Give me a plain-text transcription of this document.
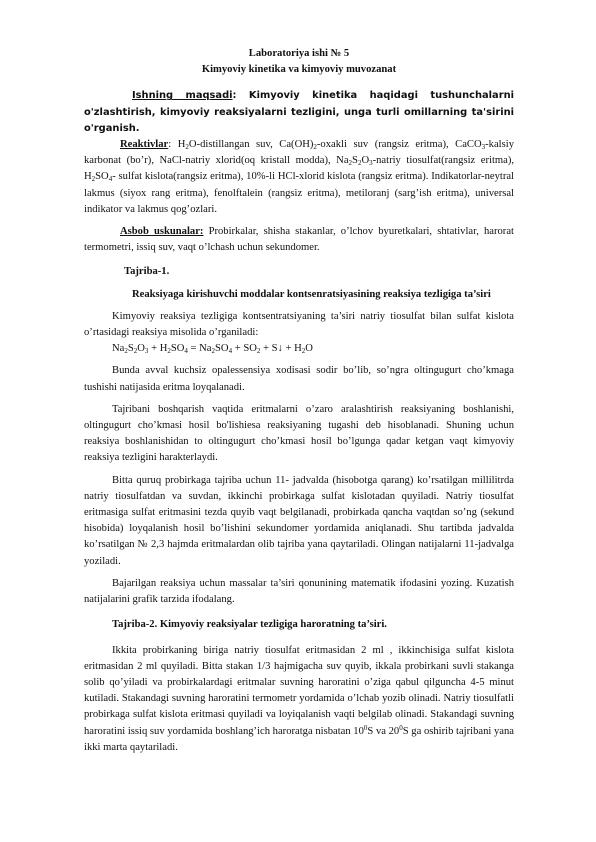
Laboratoriya ishi № 5

Kimyoviy kinetika va kimyoviy muvozanat

Ishning maqsadi: Kimyoviy kinetika haqidagi tushunchalarni o'zlashtirish, kimyoviy reaksiyalarni tezligini, unga turli omillarning ta'sirini o'rganish.

Reaktivlar: $H_2O$-distillangan suv, $Ca(OH)_2$-oxakli suv (rangsiz eritma), CaCO$_3$-kalsiy karbonat (bo’r), NaCl-natriy xlorid(oq kristall modda), $Na_2S_2O_3$-natriy tiosulfat(rangsiz eritma), $H_2SO_4-$ sulfat kislota(rangsiz eritma), 10%-li HCl-xlorid kislota (rangsiz eritma). Indikatorlar-neytral lakmus (siyox rang eritma), fenolftalein (rangsiz eritma), metiloranj (sarg’ish eritma), universal indikator va lakmus qog’ozlari.

Asbob uskunalar: Probirkalar, shisha stakanlar, o’lchov byuretkalari, shtativlar, harorat termometri, issiq suv, vaqt o’lchash uchun sekundomer.

Tajriba-1.

Reaksiyaga kirishuvchi moddalar kontsenratsiyasining reaksiya tezligiga ta’siri

Kimyoviy reaksiya tezligiga kontsentratsiyaning ta’siri natriy tiosulfat bilan sulfat kislota o’rtasidagi reaksiya misolida o’rganiladi:

$Na_2S_2O_3 + H_2SO_4 = Na_2SO_4 + SO_2$ + S↓ + $H_2O$

Bunda avval kuchsiz opalessensiya xodisasi sodir bo’lib, so’ngra oltingugurt cho’kmaga tushishi natijasida eritma loyqalanadi.

Tajribani boshqarish vaqtida eritmalarni o’zaro aralashtirish reaksiyaning boshlanishi, oltingugurt cho’kmasi hosil bo'lishiesa reaksiyaning tugashi deb hisoblanadi. Shuning uchun reaksiya boshlanishidan to oltingugurt cho’kmasi hosil bo’lgunga qadar ketgan vaqt kimyoviy reaksiya tezligini harakterlaydi.

Bitta quruq probirkaga tajriba uchun 11- jadvalda (hisobotga qarang) ko’rsatilgan millilitrda natriy tiosulfatdan va suvdan, ikkinchi probirkaga sulfat kislotadan quyiladi. Natriy tiosulfat eritmasiga sulfat eritmasini tezda quyib vaqt belgilanadi, probirkada qancha vaqtdan so’ng (sekund hisobida) loyqalanish hosil bo’lishini sekundomer yordamida aniqlanadi. Shu tartibda jadvalda ko’rsatilgan № 2,3 hajmda eritmalardan olib tajriba yana qaytariladi. Olingan natijalarni 11-jadvalga yoziladi.

Bajarilgan reaksiya uchun massalar ta’siri qonunining matematik ifodasini yozing. Kuzatish natijalarini grafik tarzida ifodalang.

Tajriba-2. Kimyoviy reaksiyalar tezligiga haroratning ta’siri.

Ikkita probirkaning biriga natriy tiosulfat eritmasidan 2 ml , ikkinchisiga sulfat kislota eritmasidan 2 ml quyiladi. Bitta stakan 1/3 hajmigacha suv quyib, ikkala probirkani suvli stakanga solib qo’yiladi va probirkalardagi eritmalar suvning haroratini o’ziga qabul qilguncha 4-5 minut kutiladi. Stakandagi suvning haroratini termometr yordamida o’lchab yozib olinadi. Natriy tiosulfatli probirkaga sulfat kislota eritmasi quyiladi va loyiqalanish vaqti belgilab olinadi. Stakandagi suvning haroratini issiq suv yordamida boshlang’ich haroratga nisbatan $10^0S$ va $20^0S$ ga oshirib tajribani yana ikki marta qaytariladi.
